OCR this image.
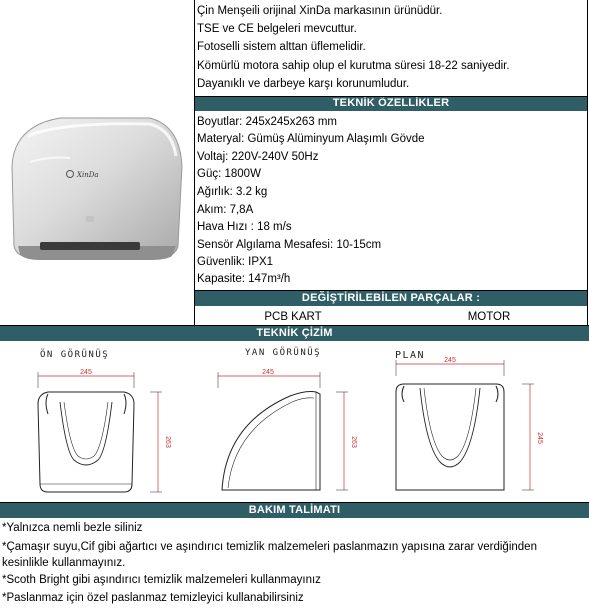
Çin Menşeili orijinal XinDa markasının ürünüdür.
TSE ve CE belgeleri mevcuttur.
Fotoselli sistem alttan üflemelidir.
Kömürlü motora sahip olup el kurutma süresi 18-22 saniyedir.
Dayanıklı ve darbeye karşı korunumludur.
XinDa
TEKNİK ÖZELLİKLER
Boyutlar: 245x245x263 mm
Materyal: Gümüş Alüminyum Alaşımlı Gövde
Voltaj: 220V-240V 50Hz
Güç: 1800W
Ağırlık: 3.2 kg
Akım: 7,8A
Hava Hızı : 18 m/s
Sensör Algılama Mesafesi: 10-15cm
Güvenlik: IPX1
Kapasite: 147m³/h
DEĞİŞTİRİLEBİLEN PARÇALAR :
PCB KART	MOTOR
TEKNİK ÇİZİM
ÖN GÖRÜNÜŞ	YAN GÖRÜNÜŞ	PLAN
245
263
245
263
245
245
BAKIM TALİMATI
*Yalnızca nemli bezle siliniz
*Çamaşır suyu,Cif gibi ağartıcı ve aşındırıcı temizlik malzemeleri paslanmazın yapısına zarar verdiğinden
kesinlikle kullanmayınız.
*Scoth Bright gibi aşındırıcı temizlik malzemeleri kullanmayınız
*Paslanmaz için özel paslanmaz temizleyici kullanabilirsiniz
